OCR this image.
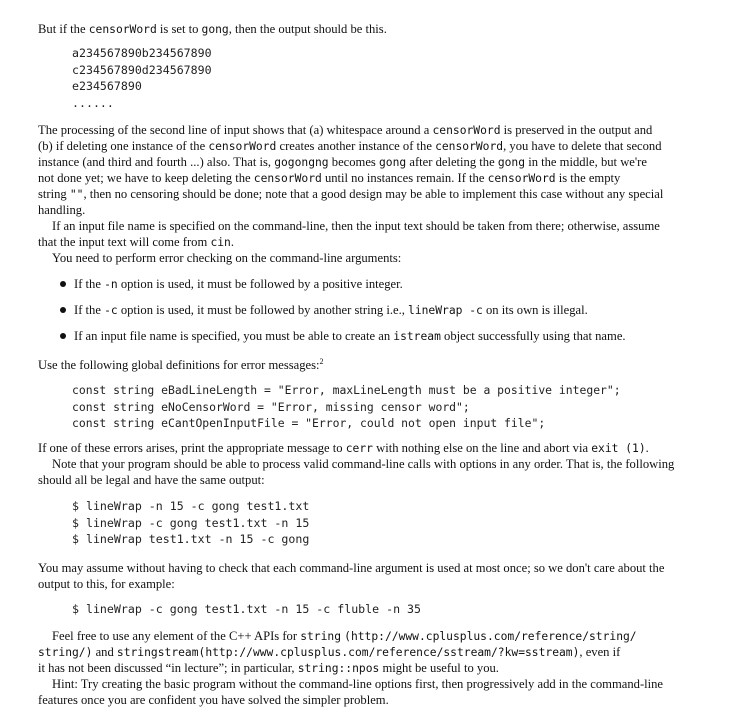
But if the censorWord is set to gong, then the output should be this.
a234567890b234567890
c234567890d234567890
e234567890
......
The processing of the second line of input shows that (a) whitespace around a censorWord is preserved in the output and
(b) if deleting one instance of the censorWord creates another instance of the censorWord, you have to delete that second
instance (and third and fourth ...) also. That is, gogongng becomes gong after deleting the gong in the middle, but we're
not done yet; we have to keep deleting the censorWord until no instances remain. If the censorWord is the empty
string "", then no censoring should be done; note that a good design may be able to implement this case without any special
handling.
If an input file name is specified on the command-line, then the input text should be taken from there; otherwise, assume
that the input text will come from cin.
You need to perform error checking on the command-line arguments:
If the -n option is used, it must be followed by a positive integer.
If the -c option is used, it must be followed by another string i.e., lineWrap -c on its own is illegal.
If an input file name is specified, you must be able to create an istream object successfully using that name.
Use the following global definitions for error messages:$^2$
const string eBadLineLength = "Error, maxLineLength must be a positive integer";
const string eNoCensorWord = "Error, missing censor word";
const string eCantOpenInputFile = "Error, could not open input file";
If one of these errors arises, print the appropriate message to cerr with nothing else on the line and abort via exit (1).
Note that your program should be able to process valid command-line calls with options in any order. That is, the following
should all be legal and have the same output:
$ lineWrap -n 15 -c gong test1.txt
$ lineWrap -c gong test1.txt -n 15
$ lineWrap test1.txt -n 15 -c gong
You may assume without having to check that each command-line argument is used at most once; so we don't care about the
output to this, for example:
$ lineWrap -c gong test1.txt -n 15 -c fluble -n 35
Feel free to use any element of the C++ APIs for string (http://www.cplusplus.com/reference/string/
string/) and stringstream(http://www.cplusplus.com/reference/sstream/?kw=sstream), even if
it has not been discussed “in lecture”; in particular, string::npos might be useful to you.
Hint: Try creating the basic program without the command-line options first, then progressively add in the command-line
features once you are confident you have solved the simpler problem.
